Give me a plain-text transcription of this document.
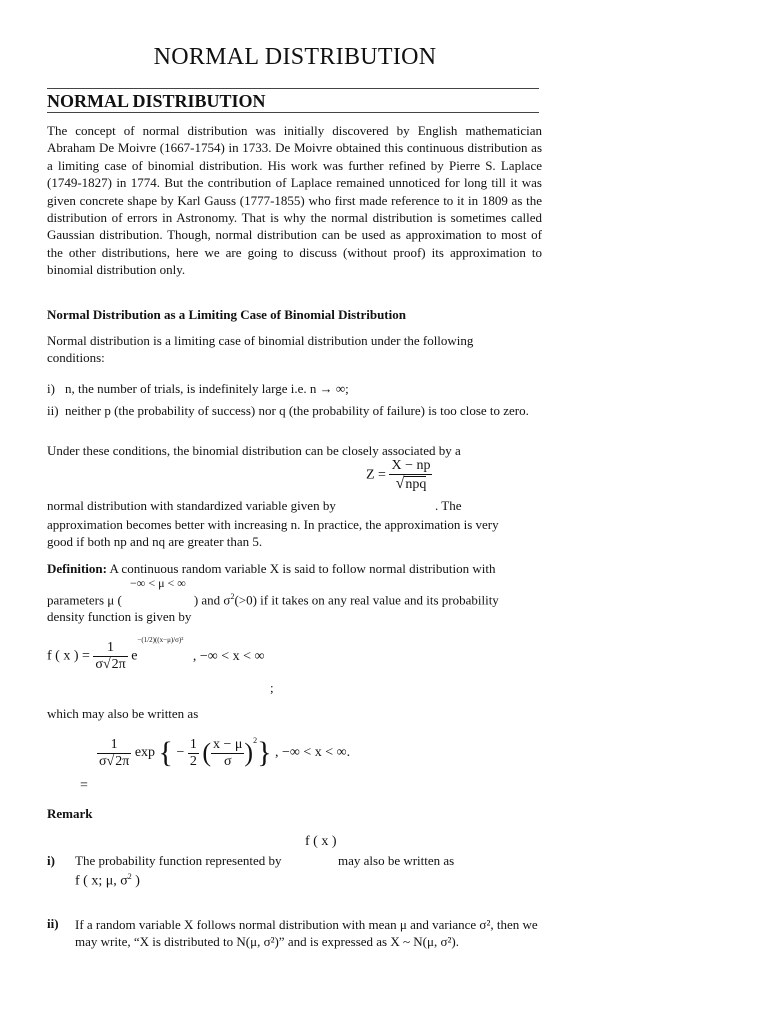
NORMAL DISTRIBUTION
NORMAL DISTRIBUTION
The concept of normal distribution was initially discovered by English mathematician Abraham De Moivre (1667-1754) in 1733. De Moivre obtained this continuous distribution as a limiting case of binomial distribution. His work was further refined by Pierre S. Laplace (1749-1827) in 1774. But the contribution of Laplace remained unnoticed for long till it was given concrete shape by Karl Gauss (1777-1855) who first made reference to it in 1809 as the distribution of errors in Astronomy. That is why the normal distribution is sometimes called Gaussian distribution. Though, normal distribution can be used as approximation to most of the other distributions, here we are going to discuss (without proof) its approximation to binomial distribution only.
Normal Distribution as a Limiting Case of Binomial Distribution
Normal distribution is a limiting case of binomial distribution under the following conditions:
i) n, the number of trials, is indefinitely large i.e. n → ∞;
ii) neither p (the probability of success) nor q (the probability of failure) is too close to zero.
Under these conditions, the binomial distribution can be closely associated by a
$Z = \frac{X - np}{\text{√npq}}$
normal distribution with standardized variable given by	. The
approximation becomes better with increasing n. In practice, the approximation is very good if both np and nq are greater than 5.
Definition: A continuous random variable X is said to follow normal distribution with
−∞ < μ < ∞
parameters μ (	) and $\sigma^2(>0)$ if it takes on any real value and its probability
density function is given by
f ( x ) = $\frac{1}{\sigma√2\pi} e^{-(1/2)((x-\mu)/\sigma)^2}$ , −∞ < x < ∞
;
which may also be written as
$\frac{1}{\sigma√2\pi}$ exp { − $\frac{1}{2}$ ( $\frac{x - \mu}{\sigma} )^2$} , −∞ < x < ∞.
=
Remark
f ( x )
i) The probability function represented by	may also be written as
f ( x; μ, $\sigma^2$ )
ii) If a random variable X follows normal distribution with mean μ and variance σ², then we may write, “X is distributed to N(μ, σ²)” and is expressed as X ~ N(μ, σ²).
